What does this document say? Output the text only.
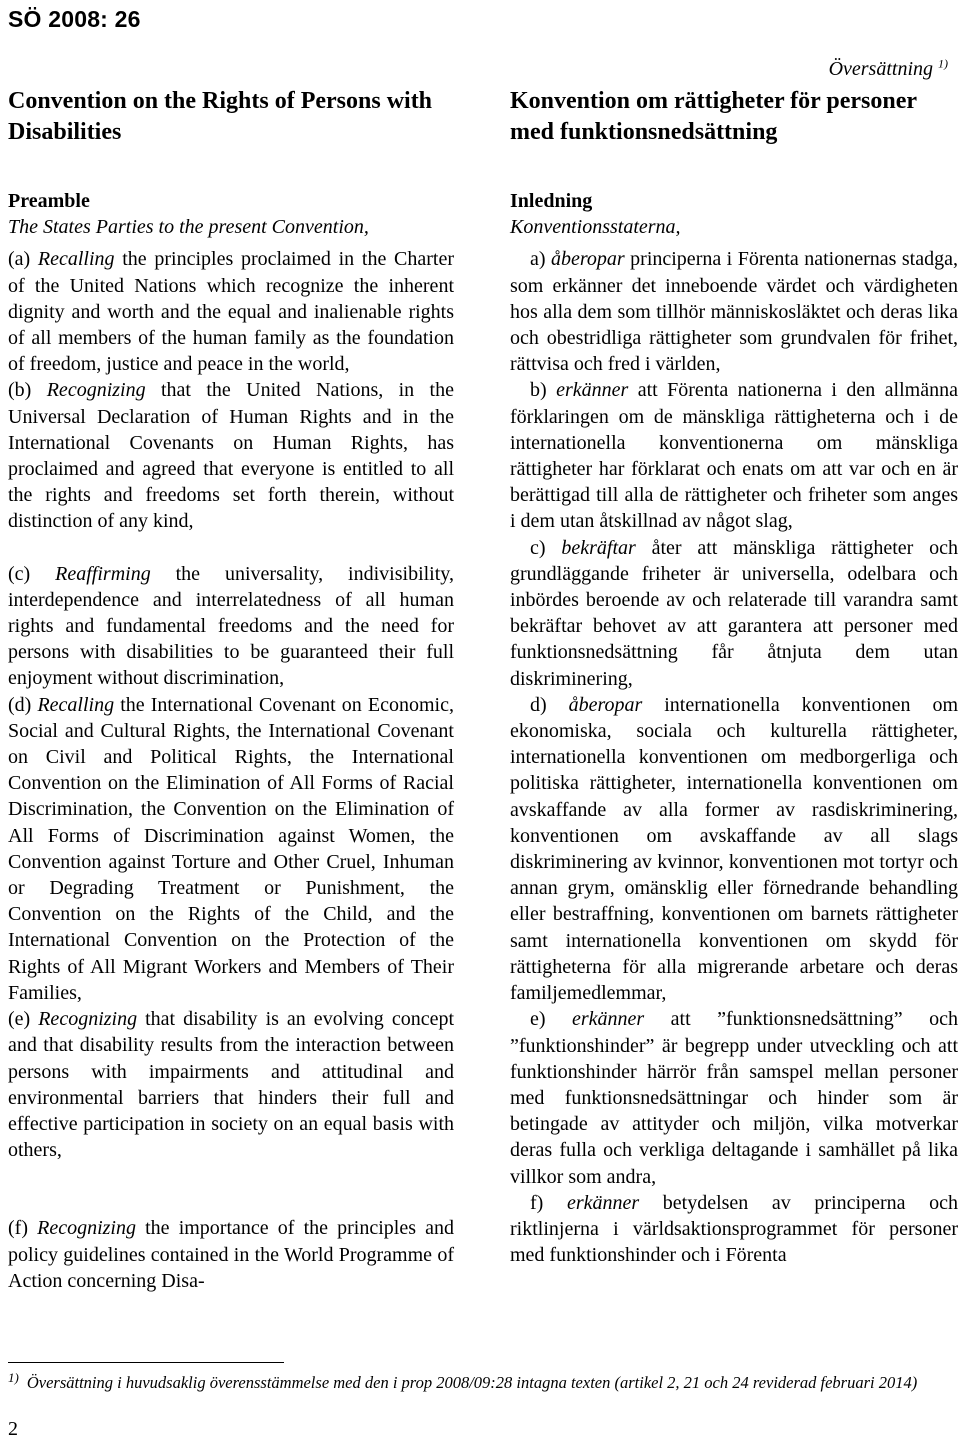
SÖ 2008: 26
Översättning $^{1)}$
Convention on the Rights of Persons with Disabilities
Preamble

The States Parties to the present Convention,

(a) Recalling the principles proclaimed in the Charter of the United Nations which recognize the inherent dignity and worth and the equal and inalienable rights of all members of the human family as the foundation of freedom, justice and peace in the world,

(b) Recognizing that the United Nations, in the Universal Declaration of Human Rights and in the International Covenants on Human Rights, has proclaimed and agreed that everyone is entitled to all the rights and freedoms set forth therein, without distinction of any kind,

(c) Reaffirming the universality, indivisibility, interdependence and interrelatedness of all human rights and fundamental freedoms and the need for persons with disabilities to be guaranteed their full enjoyment without discrimination,

(d) Recalling the International Covenant on Economic, Social and Cultural Rights, the International Covenant on Civil and Political Rights, the International Convention on the Elimination of All Forms of Racial Discrimination, the Convention on the Elimination of All Forms of Discrimination against Women, the Convention against Torture and Other Cruel, Inhuman or Degrading Treatment or Punishment, the Convention on the Rights of the Child, and the International Convention on the Protection of the Rights of All Migrant Workers and Members of Their Families,

(e) Recognizing that disability is an evolving concept and that disability results from the interaction between persons with impairments and attitudinal and environmental barriers that hinders their full and effective participation in society on an equal basis with others,

(f) Recognizing the importance of the principles and policy guidelines contained in the World Programme of Action concerning Disa-

Konvention om rättigheter för personer med funktionsnedsättning
Inledning

Konventionsstaterna,

a) åberopar principerna i Förenta nationernas stadga, som erkänner det inneboende värdet och värdigheten hos alla dem som tillhör människosläktet och deras lika och obestridliga rättigheter som grundvalen för frihet, rättvisa och fred i världen,

b) erkänner att Förenta nationerna i den allmänna förklaringen om de mänskliga rättigheterna och i de internationella konventionerna om mänskliga rättigheter har förklarat och enats om att var och en är berättigad till alla de rättigheter och friheter som anges i dem utan åtskillnad av något slag,

c) bekräftar åter att mänskliga rättigheter och grundläggande friheter är universella, odelbara och inbördes beroende av och relaterade till varandra samt bekräftar behovet av att garantera att personer med funktionsnedsättning får åtnjuta dem utan diskriminering,

d) åberopar internationella konventionen om ekonomiska, sociala och kulturella rättigheter, internationella konventionen om medborgerliga och politiska rättigheter, internationella konventionen om avskaffande av alla former av rasdiskriminering, konventionen om avskaffande av all slags diskriminering av kvinnor, konventionen mot tortyr och annan grym, omänsklig eller förnedrande behandling eller bestraffning, konventionen om barnets rättigheter samt internationella konventionen om skydd för rättigheterna för alla migrerande arbetare och deras familjemedlemmar,

e) erkänner att ”funktionsnedsättning” och ”funktionshinder” är begrepp under utveckling och att funktionshinder härrör från samspel mellan personer med funktionsnedsättningar och hinder som är betingade av attityder och miljön, vilka motverkar deras fulla och verkliga deltagande i samhället på lika villkor som andra,

f) erkänner betydelsen av principerna och riktlinjerna i världsaktionsprogrammet för personer med funktionshinder och i Förenta

$^{1)}$ Översättning i huvudsaklig överensstämmelse med den i prop 2008/09:28 intagna texten (artikel 2, 21 och 24 reviderad februari 2014)
2
